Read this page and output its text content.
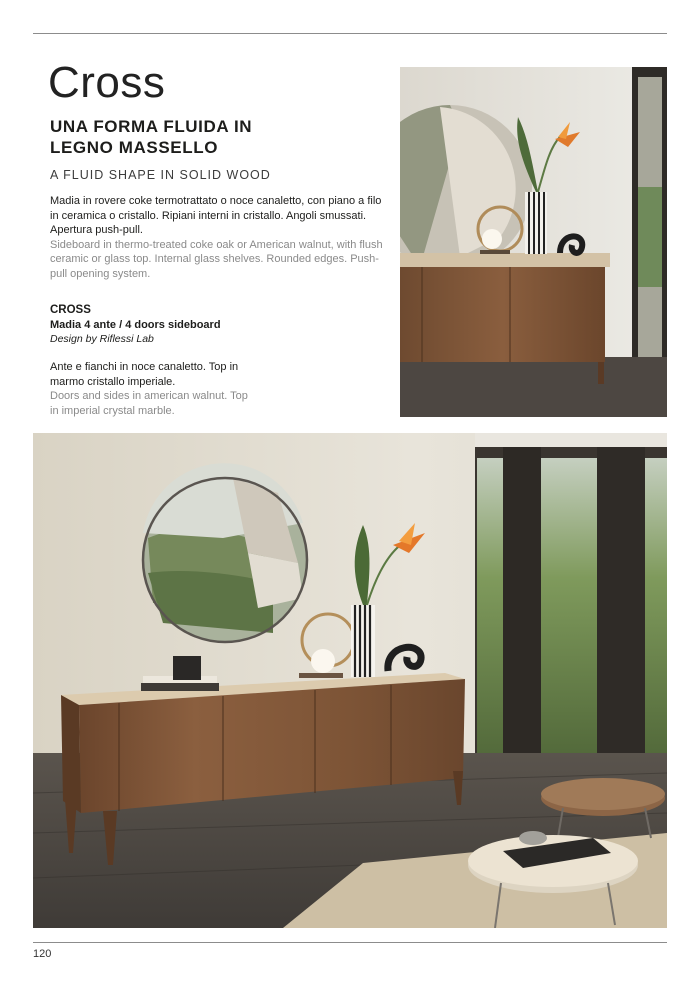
Cross
UNA FORMA FLUIDA IN LEGNO MASSELLO
A FLUID SHAPE IN SOLID WOOD

Madia in rovere coke termotrattato o noce canaletto, con piano a filo in ceramica o cristallo. Ripiani interni in cristallo. Angoli smussati. Apertura push-pull.

Sideboard in thermo-treated coke oak or American walnut, with flush ceramic or glass top. Internal glass shelves. Rounded edges. Push-pull opening system.

CROSS

Madia 4 ante / 4 doors sideboard

Design by Riflessi Lab

Ante e fianchi in noce canaletto. Top in marmo cristallo imperiale.

Doors and sides in american walnut. Top in imperial crystal marble.

120
